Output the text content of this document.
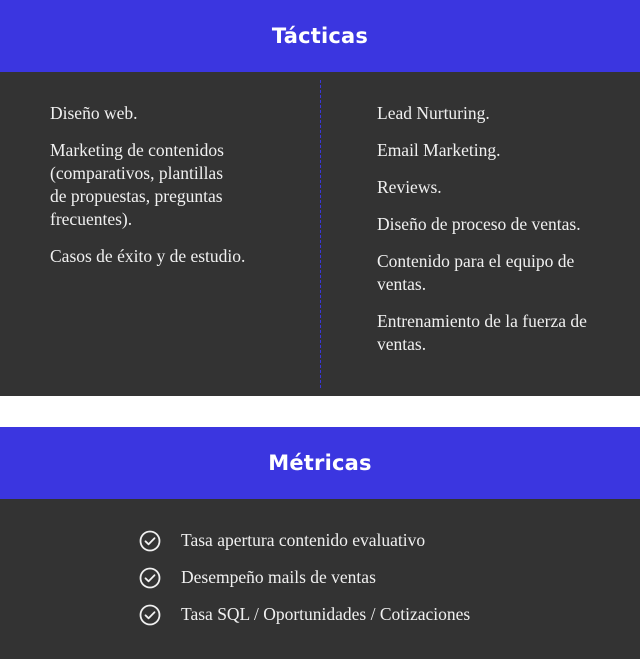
Tácticas
Diseño web.
Marketing de contenidos
(comparativos, plantillas
de propuestas, preguntas
frecuentes).
Casos de éxito y de estudio.
Lead Nurturing.
Email Marketing.
Reviews.
Diseño de proceso de ventas.
Contenido para el equipo de ventas.
Entrenamiento de la fuerza de ventas.
Métricas
Tasa apertura contenido evaluativo
Desempeño mails de ventas
Tasa SQL / Oportunidades / Cotizaciones
